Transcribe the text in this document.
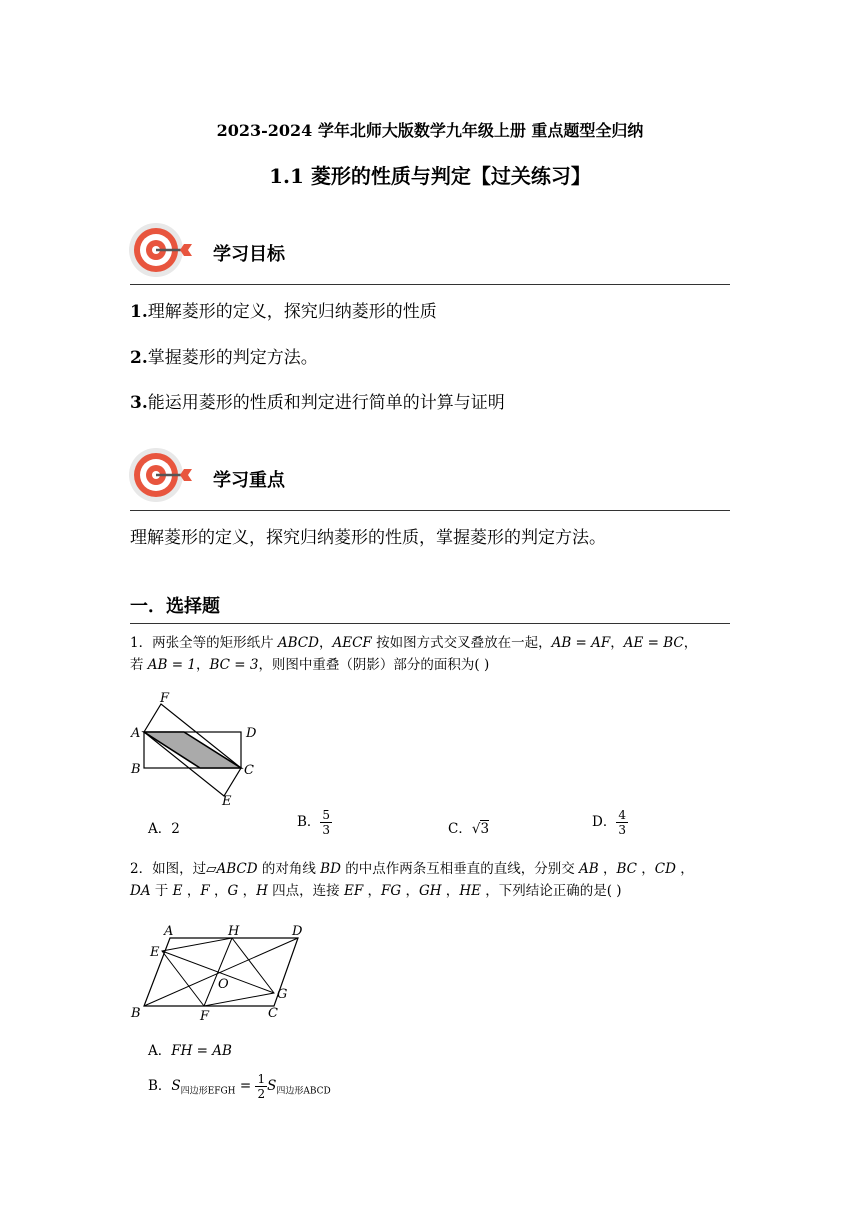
2023-2024 学年北师大版数学九年级上册 重点题型全归纳
1.1 菱形的性质与判定【过关练习】
学习目标
1.理解菱形的定义，探究归纳菱形的性质
2.掌握菱形的判定方法。
3.能运用菱形的性质和判定进行简单的计算与证明
学习重点
理解菱形的定义，探究归纳菱形的性质，掌握菱形的判定方法。
一．选择题
1．两张全等的矩形纸片 ABCD，AECF 按如图方式交叉叠放在一起，AB = AF，AE = BC，
若 AB = 1，BC = 3，则图中重叠（阴影）部分的面积为( )
F
A	D
B	C
E
A．2	B． $\frac{5}{3}$	C．√3	D． $\frac{4}{3}$
2．如图，过▱ABCD 的对角线 BD 的中点作两条互相垂直的直线，分别交 AB ，BC ，CD ，
DA 于 E ，F ，G ，H 四点，连接 EF ，FG ，GH ，HE ，下列结论正确的是( )
A	H	D
E
O
G
B	F	C
A．FH = AB
B．$S_{四边形EFGH} = \frac{1}{2} S_{四边形ABCD}$
